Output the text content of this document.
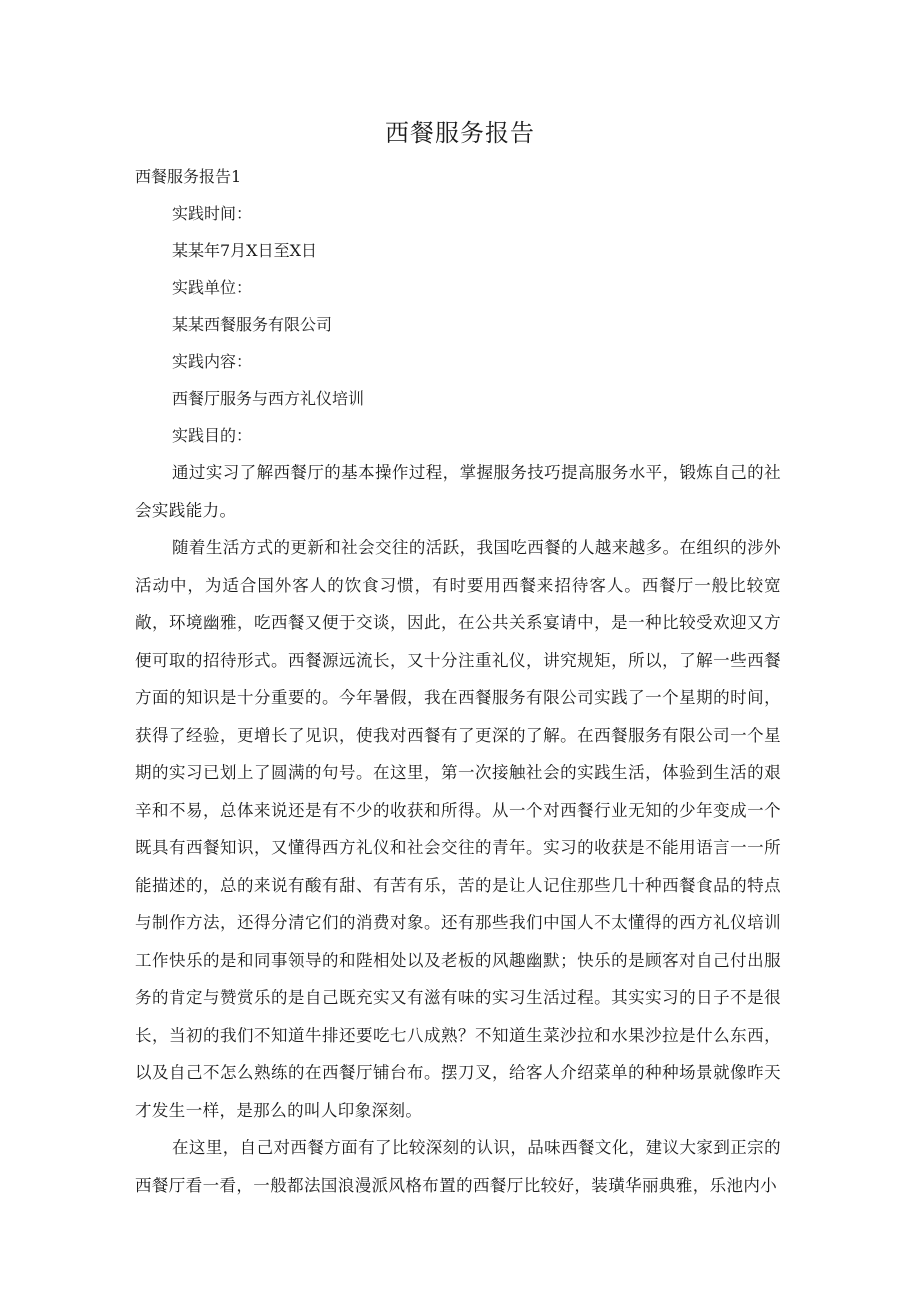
西餐服务报告

西餐服务报告1

实践时间：

某某年7月X日至X日

实践单位：

某某西餐服务有限公司

实践内容：

西餐厅服务与西方礼仪培训

实践目的：

通过实习了解西餐厅的基本操作过程，掌握服务技巧提高服务水平，锻炼自己的社会实践能力。

随着生活方式的更新和社会交往的活跃，我国吃西餐的人越来越多。在组织的涉外活动中，为适合国外客人的饮食习惯，有时要用西餐来招待客人。西餐厅一般比较宽敞，环境幽雅，吃西餐又便于交谈，因此，在公共关系宴请中，是一种比较受欢迎又方便可取的招待形式。西餐源远流长，又十分注重礼仪，讲究规矩，所以，了解一些西餐方面的知识是十分重要的。今年暑假，我在西餐服务有限公司实践了一个星期的时间，获得了经验，更增长了见识，使我对西餐有了更深的了解。在西餐服务有限公司一个星期的实习已划上了圆满的句号。在这里，第一次接触社会的实践生活，体验到生活的艰辛和不易，总体来说还是有不少的收获和所得。从一个对西餐行业无知的少年变成一个既具有西餐知识，又懂得西方礼仪和社会交往的青年。实习的收获是不能用语言一一所能描述的，总的来说有酸有甜、有苦有乐，苦的是让人记住那些几十种西餐食品的特点与制作方法，还得分清它们的消费对象。还有那些我们中国人不太懂得的西方礼仪培训工作快乐的是和同事领导的和陛相处以及老板的风趣幽默；快乐的是顾客对自己付出服务的肯定与赞赏乐的是自己既充实又有滋有味的实习生活过程。其实实习的日子不是很长，当初的我们不知道牛排还要吃七八成熟？不知道生菜沙拉和水果沙拉是什么东西，以及自己不怎么熟练的在西餐厅铺台布。摆刀叉，给客人介绍菜单的种种场景就像昨天才发生一样，是那么的叫人印象深刻。

在这里，自己对西餐方面有了比较深刻的认识，品味西餐文化，建议大家到正宗的西餐厅看一看，一般都法国浪漫派风格布置的西餐厅比较好，装璜华丽典雅，乐池内小
